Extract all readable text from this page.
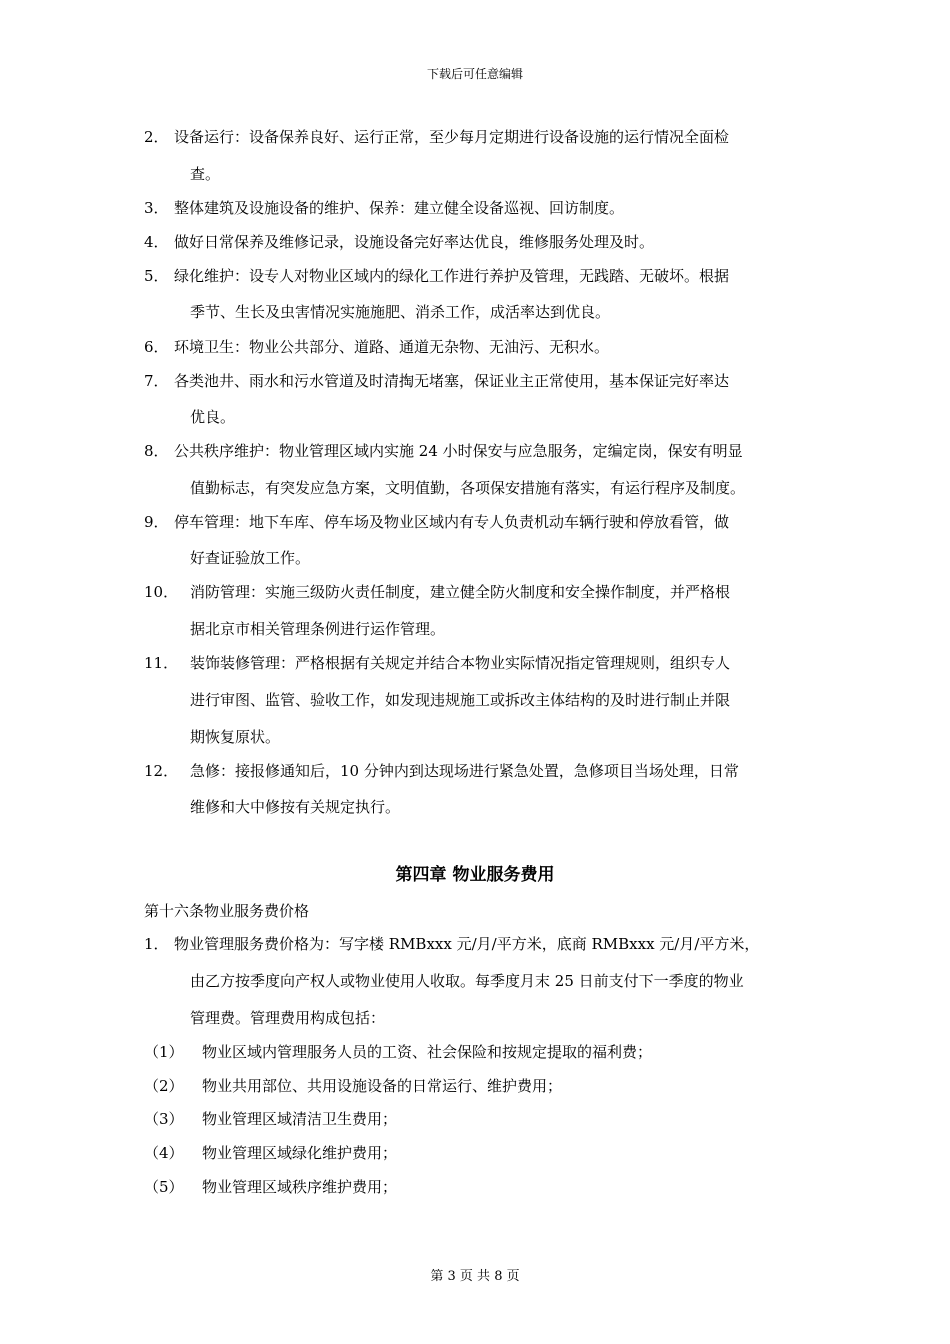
下载后可任意编辑
2． 设备运行：设备保养良好、运行正常，至少每月定期进行设备设施的运行情况全面检
查。
3． 整体建筑及设施设备的维护、保养：建立健全设备巡视、回访制度。
4． 做好日常保养及维修记录，设施设备完好率达优良，维修服务处理及时。
5． 绿化维护：设专人对物业区域内的绿化工作进行养护及管理，无践踏、无破坏。根据
季节、生长及虫害情况实施施肥、消杀工作，成活率达到优良。
6． 环境卫生：物业公共部分、道路、通道无杂物、无油污、无积水。
7． 各类池井、雨水和污水管道及时清掏无堵塞，保证业主正常使用，基本保证完好率达
优良。
8． 公共秩序维护：物业管理区域内实施 24 小时保安与应急服务，定编定岗，保安有明显
值勤标志，有突发应急方案，文明值勤，各项保安措施有落实，有运行程序及制度。
9． 停车管理：地下车库、停车场及物业区域内有专人负责机动车辆行驶和停放看管，做
好查证验放工作。
10． 消防管理：实施三级防火责任制度，建立健全防火制度和安全操作制度，并严格根
据北京市相关管理条例进行运作管理。
11． 装饰装修管理：严格根据有关规定并结合本物业实际情况指定管理规则，组织专人
进行审图、监管、验收工作，如发现违规施工或拆改主体结构的及时进行制止并限
期恢复原状。
12． 急修：接报修通知后，10 分钟内到达现场进行紧急处置，急修项目当场处理，日常
维修和大中修按有关规定执行。
第四章 物业服务费用
第十六条物业服务费价格
1． 物业管理服务费价格为：写字楼 RMBxxx 元/月/平方米，底商 RMBxxx 元/月/平方米，
由乙方按季度向产权人或物业使用人收取。每季度月末 25 日前支付下一季度的物业
管理费。管理费用构成包括：
（1） 物业区域内管理服务人员的工资、社会保险和按规定提取的福利费；
（2） 物业共用部位、共用设施设备的日常运行、维护费用；
（3） 物业管理区域清洁卫生费用；
（4） 物业管理区域绿化维护费用；
（5） 物业管理区域秩序维护费用；
第 3 页 共 8 页
